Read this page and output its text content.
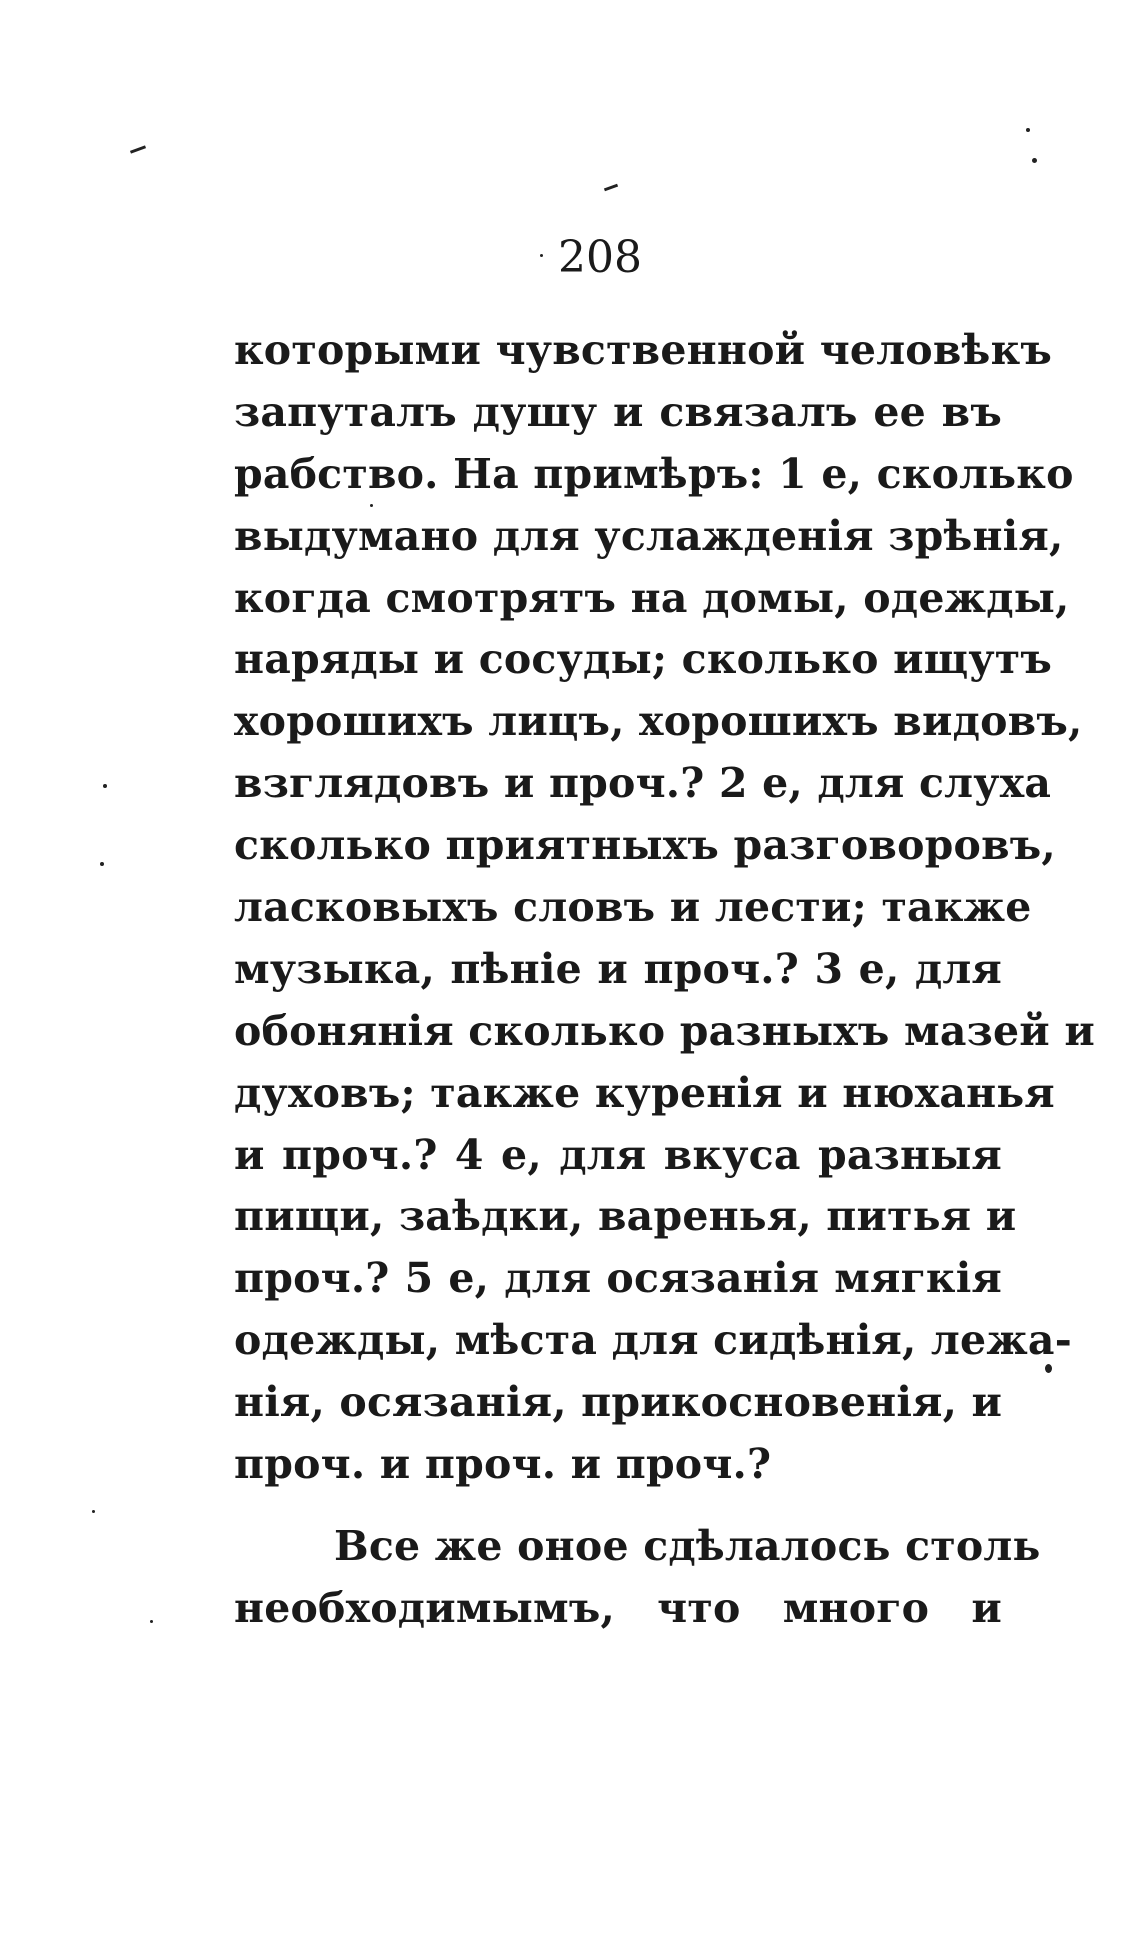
208
которыми чувственной человѣкъ
запуталъ душу и связалъ ее въ
рабство. На примѣръ: 1 е, сколько
выдумано для услажденія зрѣнія,
когда смотрятъ на домы, одежды,
наряды и сосуды; сколько ищутъ
хорошихъ лицъ, хорошихъ видовъ,
взглядовъ и проч.? 2 е, для слуха
сколько приятныхъ разговоровъ,
ласковыхъ словъ и лести; также
музыка, пѣніе и проч.? 3 е, для
обонянія сколько разныхъ мазей и
духовъ; также куренія и нюханья
и проч.? 4 е, для вкуса разныя
пищи, заѣдки, варенья, питья и
проч.? 5 е, для осязанія мягкія
одежды, мѣста для сидѣнія, лежа-
нія, осязанія, прикосновенія, и
проч. и проч. и проч.?
Все же оное сдѣлалось столь
необходимымъ, что много и
